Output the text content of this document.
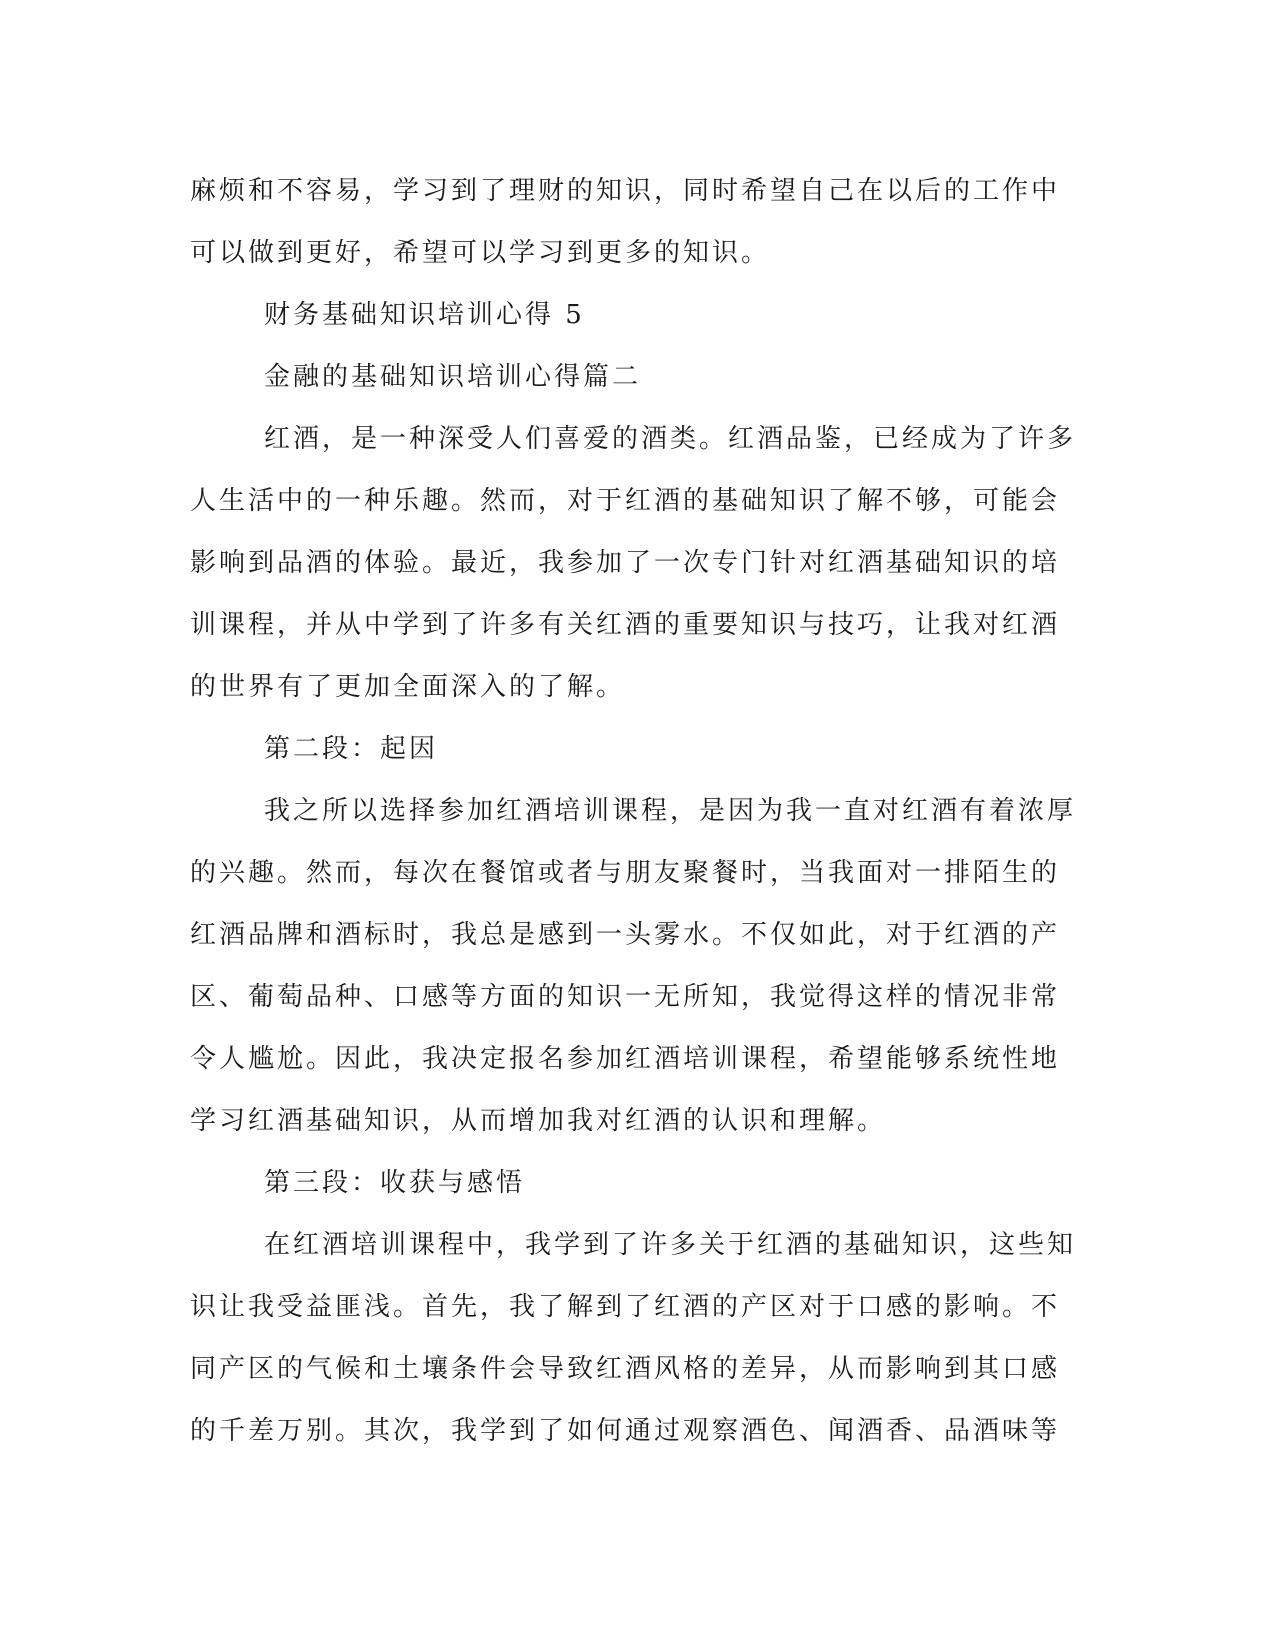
麻烦和不容易，学习到了理财的知识，同时希望自己在以后的工作中
可以做到更好，希望可以学习到更多的知识。
财务基础知识培训心得 5
金融的基础知识培训心得篇二
红酒，是一种深受人们喜爱的酒类。红酒品鉴，已经成为了许多
人生活中的一种乐趣。然而，对于红酒的基础知识了解不够，可能会
影响到品酒的体验。最近，我参加了一次专门针对红酒基础知识的培
训课程，并从中学到了许多有关红酒的重要知识与技巧，让我对红酒
的世界有了更加全面深入的了解。
第二段：起因
我之所以选择参加红酒培训课程，是因为我一直对红酒有着浓厚
的兴趣。然而，每次在餐馆或者与朋友聚餐时，当我面对一排陌生的
红酒品牌和酒标时，我总是感到一头雾水。不仅如此，对于红酒的产
区、葡萄品种、口感等方面的知识一无所知，我觉得这样的情况非常
令人尴尬。因此，我决定报名参加红酒培训课程，希望能够系统性地
学习红酒基础知识，从而增加我对红酒的认识和理解。
第三段：收获与感悟
在红酒培训课程中，我学到了许多关于红酒的基础知识，这些知
识让我受益匪浅。首先，我了解到了红酒的产区对于口感的影响。不
同产区的气候和土壤条件会导致红酒风格的差异，从而影响到其口感
的千差万别。其次，我学到了如何通过观察酒色、闻酒香、品酒味等
